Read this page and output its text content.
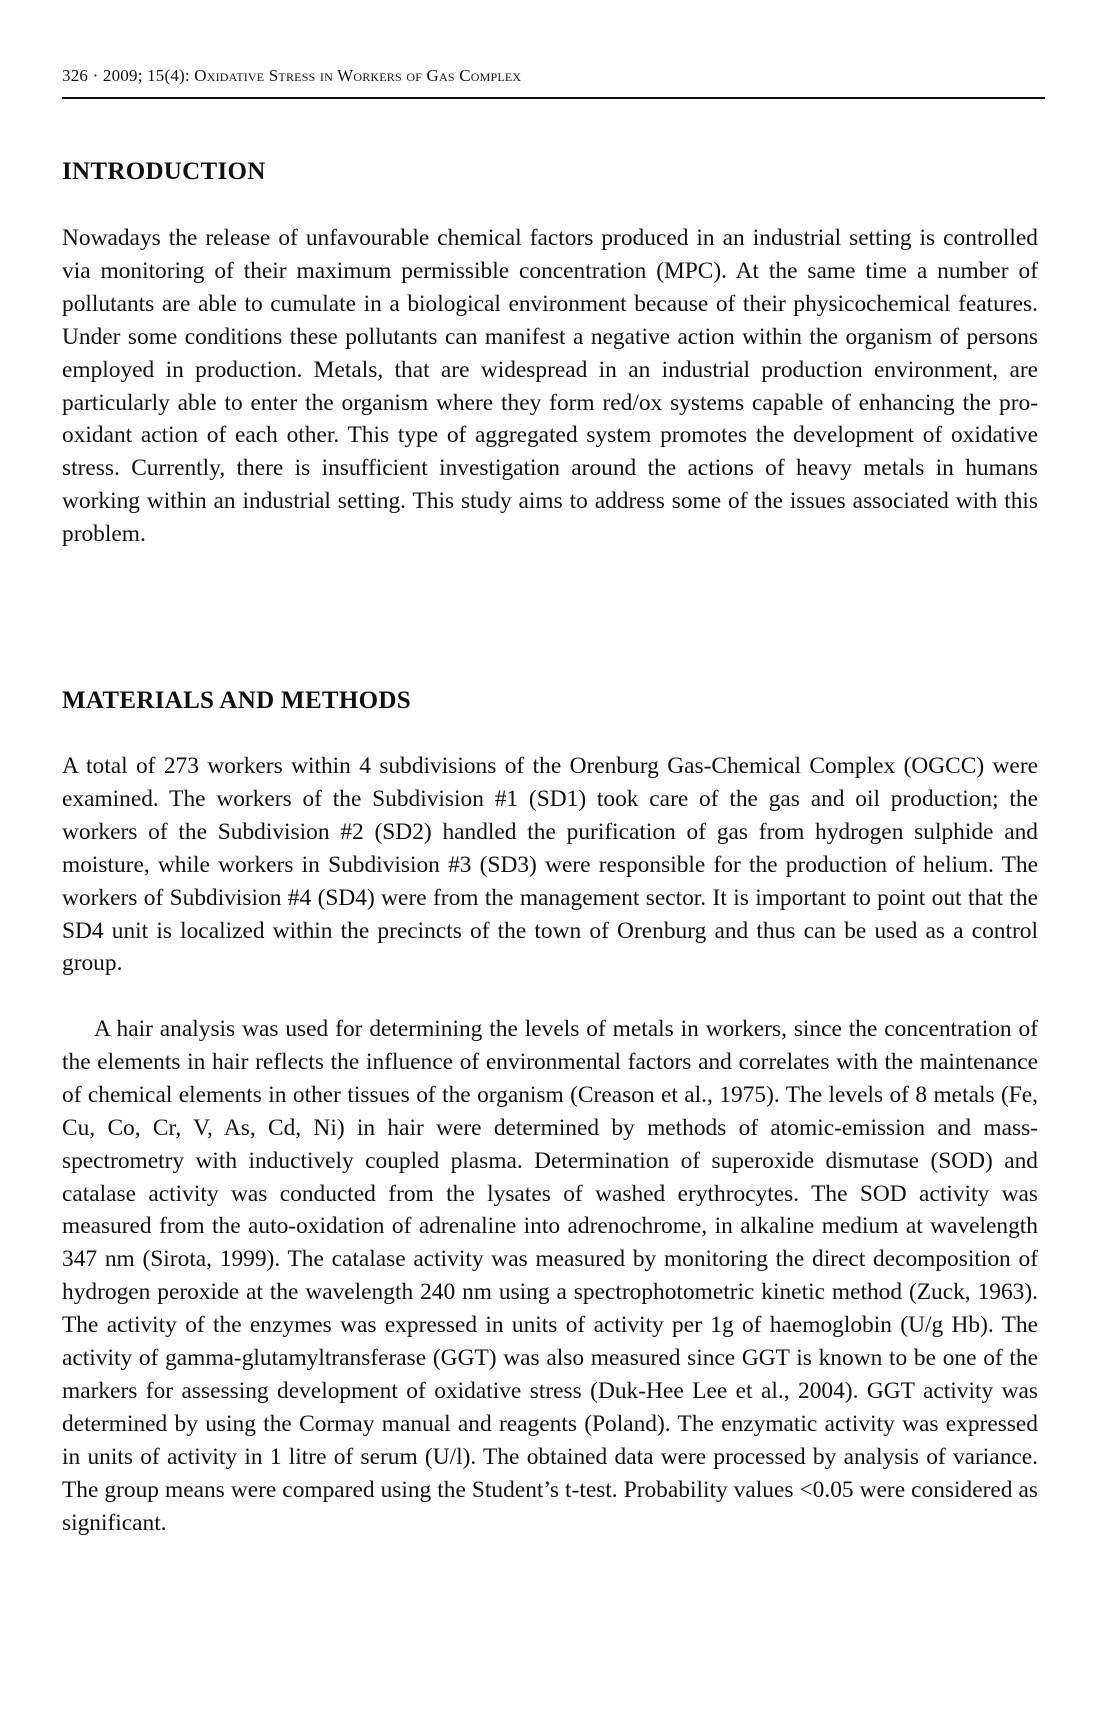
326 · 2009; 15(4): Oxidative Stress in Workers of Gas Complex
INTRODUCTION

Nowadays the release of unfavourable chemical factors produced in an industrial setting is controlled via monitoring of their maximum permissible concentration (MPC). At the same time a number of pollutants are able to cumulate in a biological environment because of their physicochemical features. Under some conditions these pollutants can manifest a negative action within the organism of persons employed in production. Metals, that are widespread in an industrial production environment, are particularly able to enter the organism where they form red/ox systems capable of enhancing the pro-oxidant action of each other. This type of aggregated system promotes the development of oxidative stress. Currently, there is insufficient investigation around the actions of heavy metals in humans working within an industrial setting. This study aims to address some of the issues associated with this problem.

MATERIALS AND METHODS

A total of 273 workers within 4 subdivisions of the Orenburg Gas-Chemical Complex (OGCC) were examined. The workers of the Subdivision #1 (SD1) took care of the gas and oil production; the workers of the Subdivision #2 (SD2) handled the purification of gas from hydrogen sulphide and moisture, while workers in Subdivision #3 (SD3) were responsible for the production of helium. The workers of Subdivision #4 (SD4) were from the management sector. It is important to point out that the SD4 unit is localized within the precincts of the town of Orenburg and thus can be used as a control group.

A hair analysis was used for determining the levels of metals in workers, since the concentration of the elements in hair reflects the influence of environmental factors and correlates with the maintenance of chemical elements in other tissues of the organism (Creason et al., 1975). The levels of 8 metals (Fe, Cu, Co, Cr, V, As, Cd, Ni) in hair were determined by methods of atomic-emission and mass-spectrometry with inductively coupled plasma. Determination of superoxide dismutase (SOD) and catalase activity was conducted from the lysates of washed erythrocytes. The SOD activity was measured from the auto-oxidation of adrenaline into adrenochrome, in alkaline medium at wavelength 347 nm (Sirota, 1999). The catalase activity was measured by monitoring the direct decomposition of hydrogen peroxide at the wavelength 240 nm using a spectrophotometric kinetic method (Zuck, 1963). The activity of the enzymes was expressed in units of activity per 1g of haemoglobin (U/g Hb). The activity of gamma-glutamyltransferase (GGT) was also measured since GGT is known to be one of the markers for assessing development of oxidative stress (Duk-Hee Lee et al., 2004). GGT activity was determined by using the Cormay manual and reagents (Poland). The enzymatic activity was expressed in units of activity in 1 litre of serum (U/l). The obtained data were processed by analysis of variance. The group means were compared using the Student’s t-test. Probability values <0.05 were considered as significant.
